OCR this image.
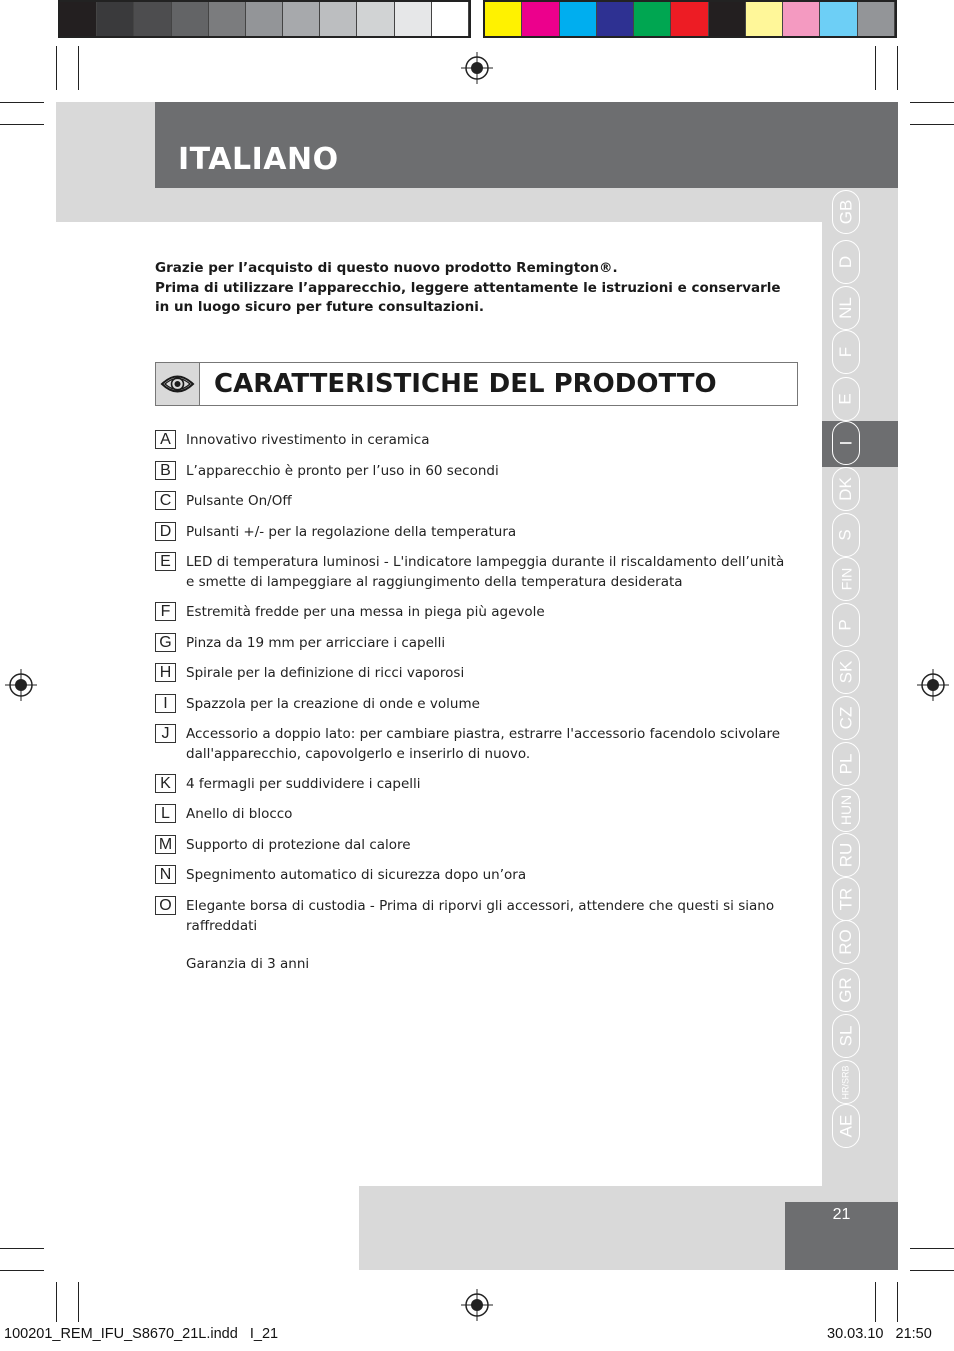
ITALIANO
GB
D
NL
F
E
I
DK
S
FIN
P
SK
CZ
PL
HUN
RU
TR
RO
GR
SL
HR/SRB
AE
Grazie per l’acquisto di questo nuovo prodotto Remington®.
Prima di utilizzare l’apparecchio, leggere attentamente le istruzioni e conservarle in un luogo sicuro per future consultazioni.
CARATTERISTICHE DEL PRODOTTO
A	Innovativo rivestimento in ceramica
B	L’apparecchio è pronto per l’uso in 60 secondi
C	Pulsante On/Off
D	Pulsanti +/- per la regolazione della temperatura
E	LED di temperatura luminosi - L'indicatore lampeggia durante il riscaldamento dell’unità e smette di lampeggiare al raggiungimento della temperatura desiderata
F	Estremità fredde per una messa in piega più agevole
G	Pinza da 19 mm per arricciare i capelli
H	Spirale per la definizione di ricci vaporosi
I	Spazzola per la creazione di onde e volume
J	Accessorio a doppio lato: per cambiare piastra, estrarre l'accessorio facendolo scivolare dall'apparecchio, capovolgerlo e inserirlo di nuovo.
K	4 fermagli per suddividere i capelli
L	Anello di blocco
M Supporto di protezione dal calore
N	Spegnimento automatico di sicurezza dopo un’ora
O	Elegante borsa di custodia - Prima di riporvi gli accessori, attendere che questi si siano raffreddati
Garanzia di 3 anni
21
100201_REM_IFU_S8670_21L.indd   I_21	30.03.10   21:50
